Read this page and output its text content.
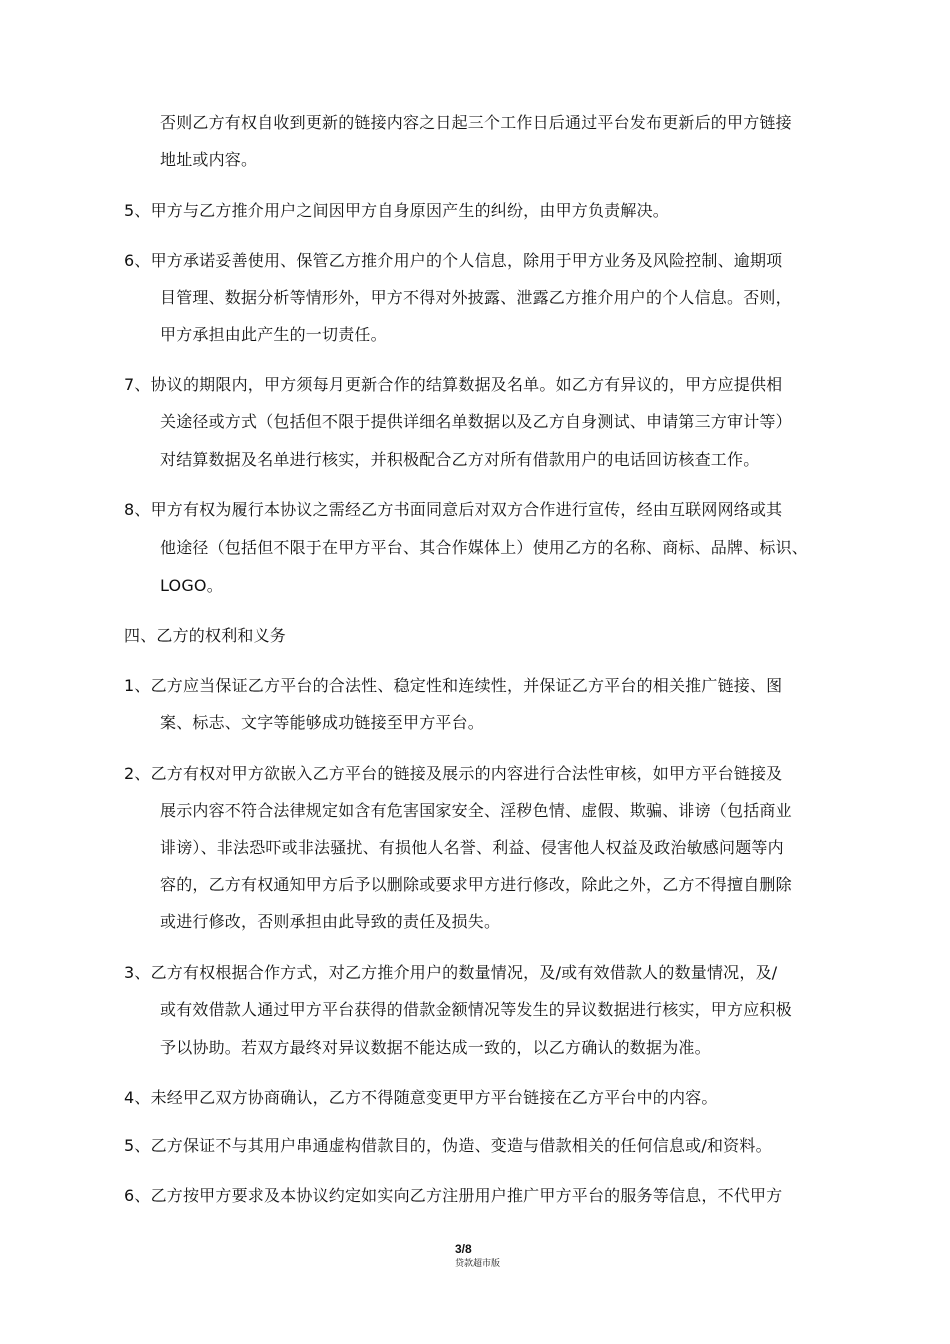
否则乙方有权自收到更新的链接内容之日起三个工作日后通过平台发布更新后的甲方链接
地址或内容。
5、甲方与乙方推介用户之间因甲方自身原因产生的纠纷，由甲方负责解决。
6、甲方承诺妥善使用、保管乙方推介用户的个人信息，除用于甲方业务及风险控制、逾期项
目管理、数据分析等情形外，甲方不得对外披露、泄露乙方推介用户的个人信息。否则，
甲方承担由此产生的一切责任。
7、协议的期限内，甲方须每月更新合作的结算数据及名单。如乙方有异议的，甲方应提供相
关途径或方式（包括但不限于提供详细名单数据以及乙方自身测试、申请第三方审计等）
对结算数据及名单进行核实，并积极配合乙方对所有借款用户的电话回访核查工作。
8、甲方有权为履行本协议之需经乙方书面同意后对双方合作进行宣传，经由互联网网络或其
他途径（包括但不限于在甲方平台、其合作媒体上）使用乙方的名称、商标、品牌、标识、
LOGO。
四、乙方的权利和义务
1、乙方应当保证乙方平台的合法性、稳定性和连续性，并保证乙方平台的相关推广链接、图
案、标志、文字等能够成功链接至甲方平台。
2、乙方有权对甲方欲嵌入乙方平台的链接及展示的内容进行合法性审核，如甲方平台链接及
展示内容不符合法律规定如含有危害国家安全、淫秽色情、虚假、欺骗、诽谤（包括商业
诽谤）、非法恐吓或非法骚扰、有损他人名誉、利益、侵害他人权益及政治敏感问题等内
容的，乙方有权通知甲方后予以删除或要求甲方进行修改，除此之外，乙方不得擅自删除
或进行修改，否则承担由此导致的责任及损失。
3、乙方有权根据合作方式，对乙方推介用户的数量情况，及/或有效借款人的数量情况，及/
或有效借款人通过甲方平台获得的借款金额情况等发生的异议数据进行核实，甲方应积极
予以协助。若双方最终对异议数据不能达成一致的，以乙方确认的数据为准。
4、未经甲乙双方协商确认，乙方不得随意变更甲方平台链接在乙方平台中的内容。
5、乙方保证不与其用户串通虚构借款目的，伪造、变造与借款相关的任何信息或/和资料。
6、乙方按甲方要求及本协议约定如实向乙方注册用户推广甲方平台的服务等信息，不代甲方
3/8
贷款超市版
